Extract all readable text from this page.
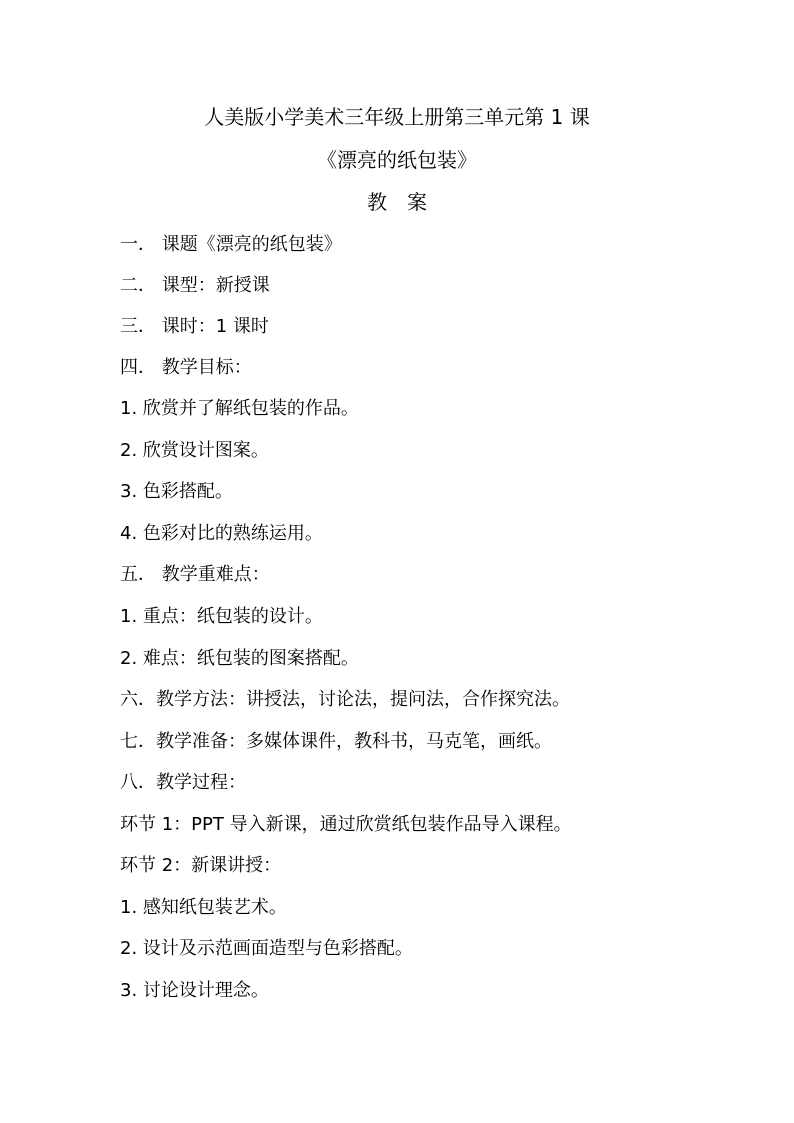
人美版小学美术三年级上册第三单元第 1 课
《漂亮的纸包装》
教　案
一． 课题《漂亮的纸包装》
二． 课型：新授课
三． 课时：1 课时
四． 教学目标：
1. 欣赏并了解纸包装的作品。
2. 欣赏设计图案。
3. 色彩搭配。
4. 色彩对比的熟练运用。
五． 教学重难点：
1. 重点：纸包装的设计。
2. 难点：纸包装的图案搭配。
六．教学方法：讲授法，讨论法，提问法，合作探究法。
七．教学准备：多媒体课件，教科书，马克笔，画纸。
八．教学过程：
环节 1：PPT 导入新课，通过欣赏纸包装作品导入课程。
环节 2：新课讲授：
1. 感知纸包装艺术。
2. 设计及示范画面造型与色彩搭配。
3. 讨论设计理念。
